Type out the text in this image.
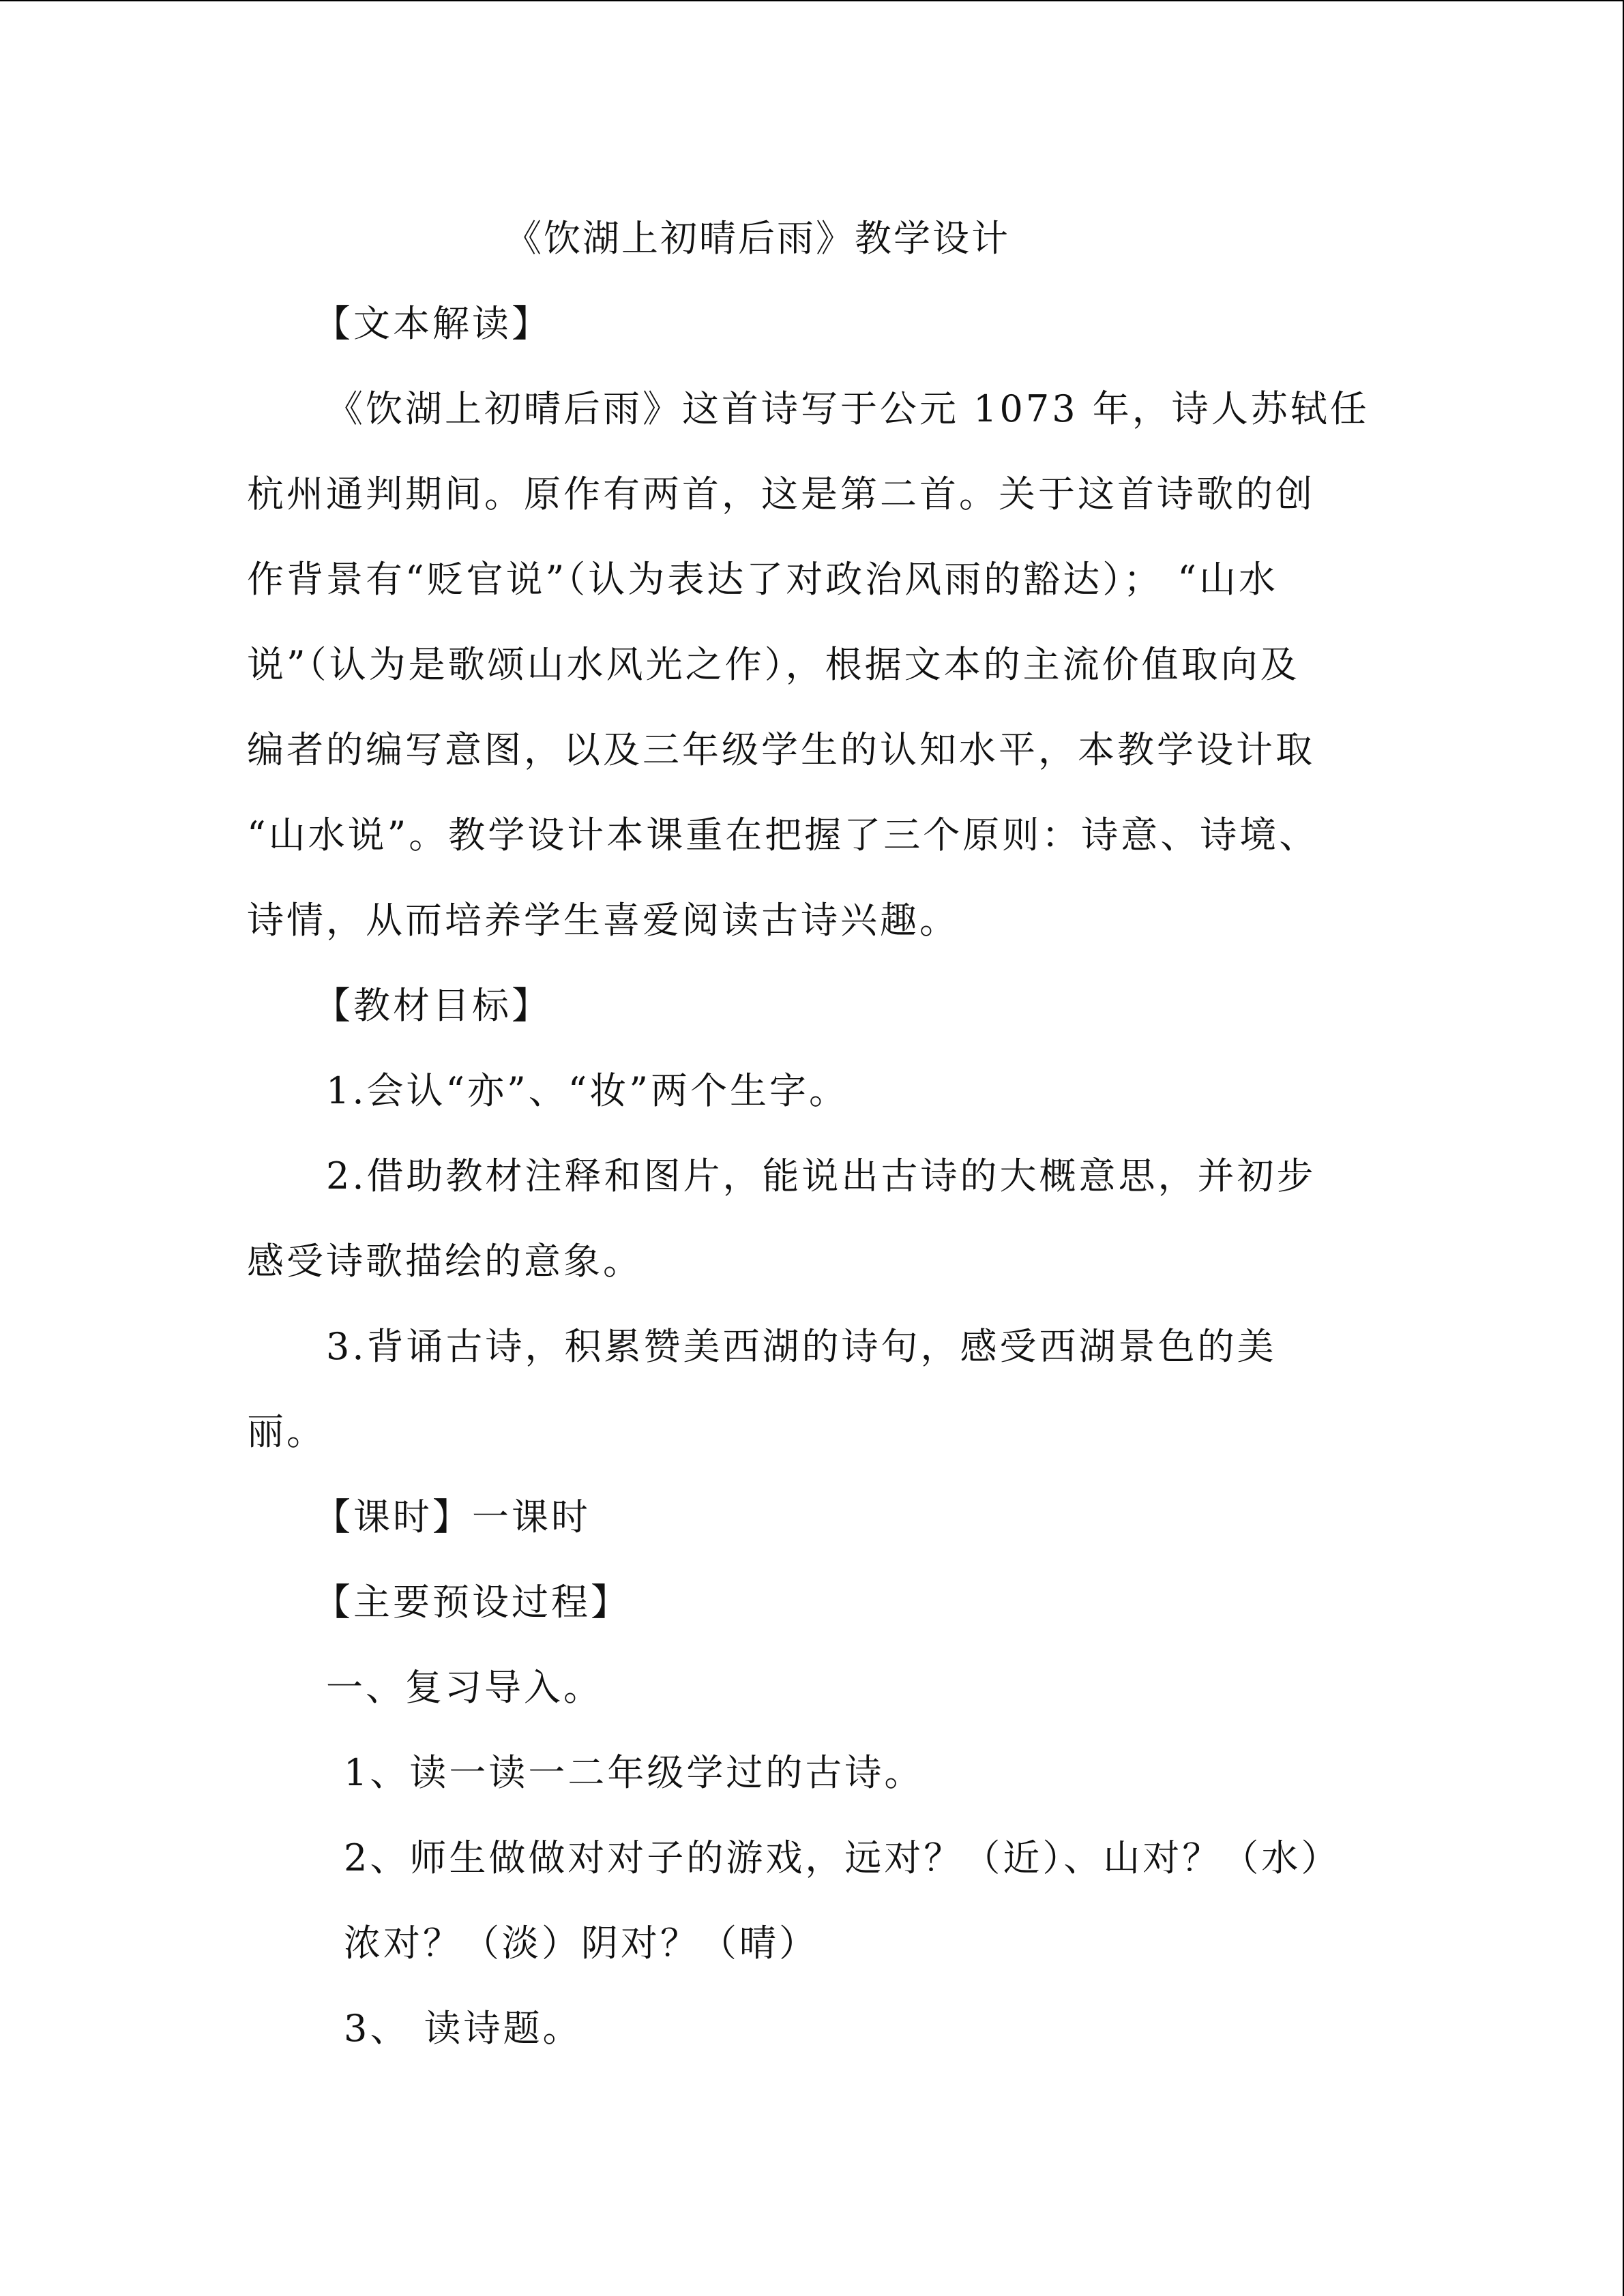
《饮湖上初晴后雨》教学设计
【文本解读】
《饮湖上初晴后雨》这首诗写于公元 1073 年，诗人苏轼任
杭州通判期间。原作有两首，这是第二首。关于这首诗歌的创
作背景有“贬官说”（认为表达了对政治风雨的豁达）； “山水
说”（认为是歌颂山水风光之作），根据文本的主流价值取向及
编者的编写意图，以及三年级学生的认知水平，本教学设计取
“山水说”。教学设计本课重在把握了三个原则：诗意、诗境、
诗情，从而培养学生喜爱阅读古诗兴趣。
【教材目标】
1.会认“亦”、“妆”两个生字。
2.借助教材注释和图片，能说出古诗的大概意思，并初步
感受诗歌描绘的意象。
3.背诵古诗，积累赞美西湖的诗句，感受西湖景色的美
丽。
【课时】一课时
【主要预设过程】
一、复习导入。
1、读一读一二年级学过的古诗。
2、师生做做对对子的游戏，远对？（近）、山对？（水）
浓对？（淡）阴对？（晴）
3、 读诗题。
